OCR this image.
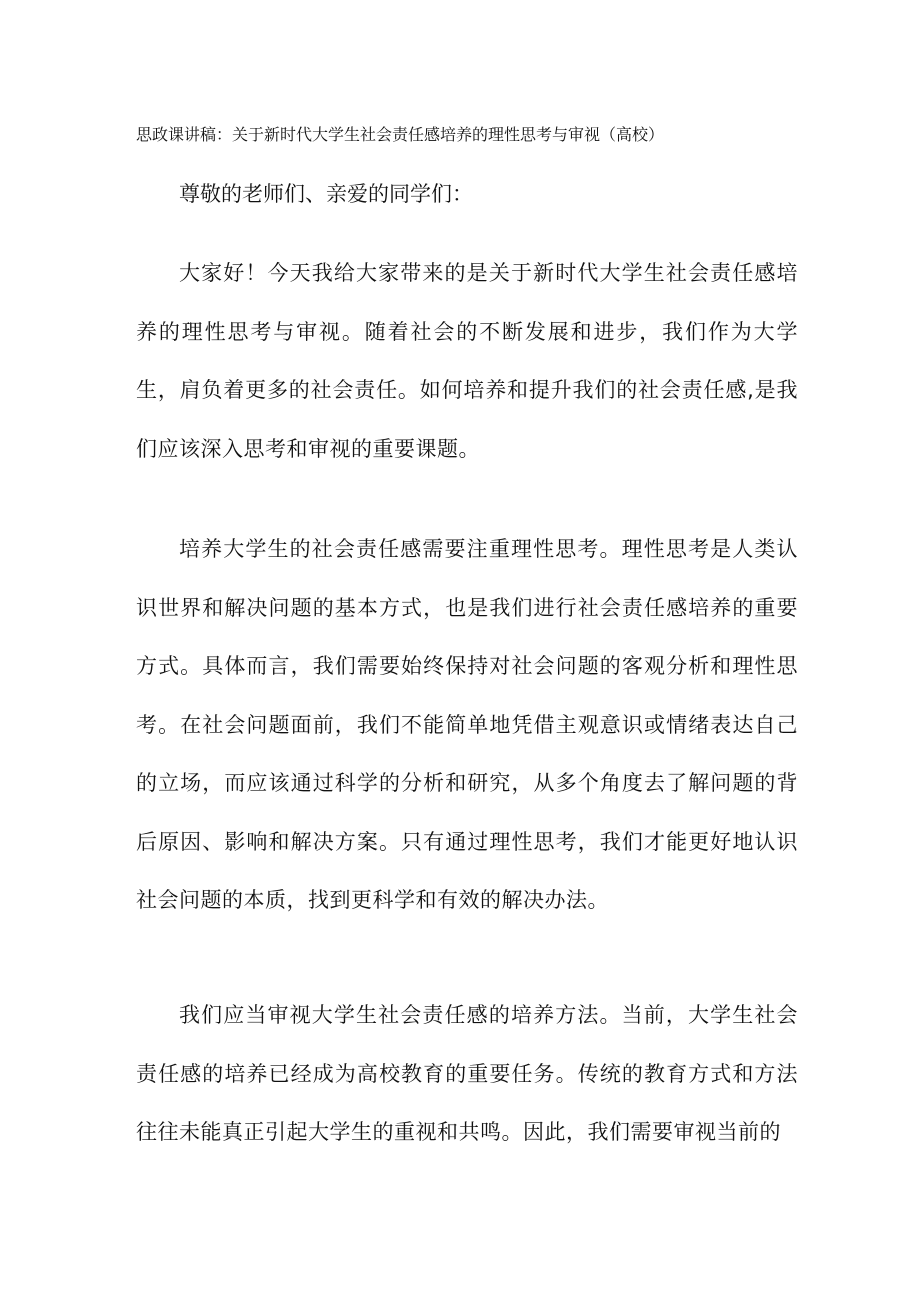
思政课讲稿：关于新时代大学生社会责任感培养的理性思考与审视（高校）
尊敬的老师们、亲爱的同学们：
大家好！今天我给大家带来的是关于新时代大学生社会责任感培养的理性思考与审视。随着社会的不断发展和进步，我们作为大学生，肩负着更多的社会责任。如何培养和提升我们的社会责任感,是我们应该深入思考和审视的重要课题。
培养大学生的社会责任感需要注重理性思考。理性思考是人类认识世界和解决问题的基本方式，也是我们进行社会责任感培养的重要方式。具体而言，我们需要始终保持对社会问题的客观分析和理性思考。在社会问题面前，我们不能简单地凭借主观意识或情绪表达自己的立场，而应该通过科学的分析和研究，从多个角度去了解问题的背后原因、影响和解决方案。只有通过理性思考，我们才能更好地认识社会问题的本质，找到更科学和有效的解决办法。
我们应当审视大学生社会责任感的培养方法。当前，大学生社会责任感的培养已经成为高校教育的重要任务。传统的教育方式和方法往往未能真正引起大学生的重视和共鸣。因此，我们需要审视当前的
